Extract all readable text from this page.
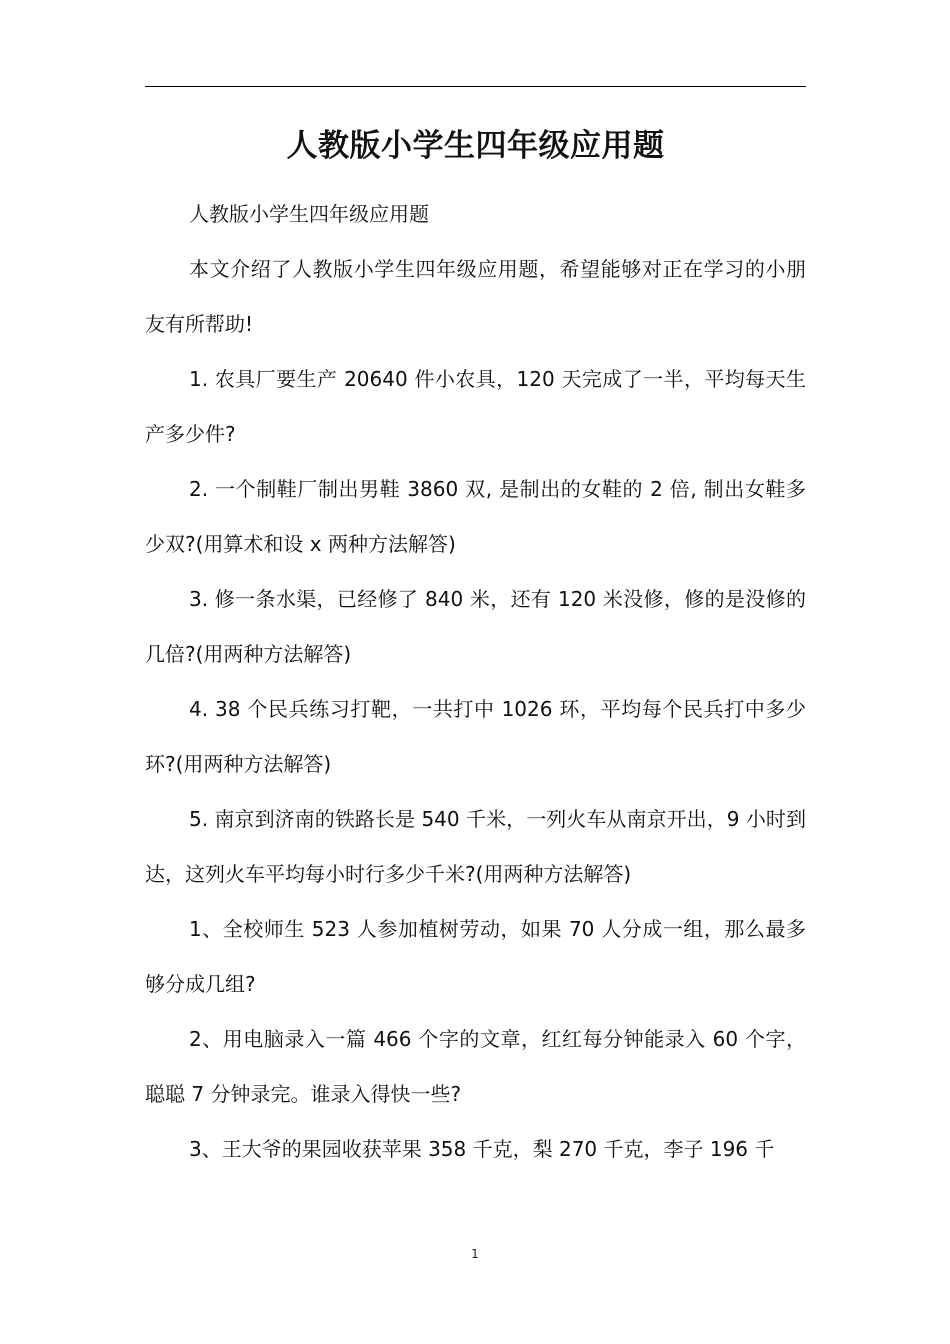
人教版小学生四年级应用题

人教版小学生四年级应用题

本文介绍了人教版小学生四年级应用题，希望能够对正在学习的小朋友有所帮助!

1. 农具厂要生产 20640 件小农具，120 天完成了一半，平均每天生产多少件?

2. 一个制鞋厂制出男鞋 3860 双, 是制出的女鞋的 2 倍, 制出女鞋多少双?(用算术和设 x 两种方法解答)

3. 修一条水渠，已经修了 840 米，还有 120 米没修，修的是没修的几倍?(用两种方法解答)

4. 38 个民兵练习打靶，一共打中 1026 环，平均每个民兵打中多少环?(用两种方法解答)

5. 南京到济南的铁路长是 540 千米，一列火车从南京开出，9 小时到达，这列火车平均每小时行多少千米?(用两种方法解答)

1、全校师生 523 人参加植树劳动，如果 70 人分成一组，那么最多够分成几组?

2、用电脑录入一篇 466 个字的文章，红红每分钟能录入 60 个字，聪聪 7 分钟录完。谁录入得快一些?

3、王大爷的果园收获苹果 358 千克，梨 270 千克，李子 196 千

1
